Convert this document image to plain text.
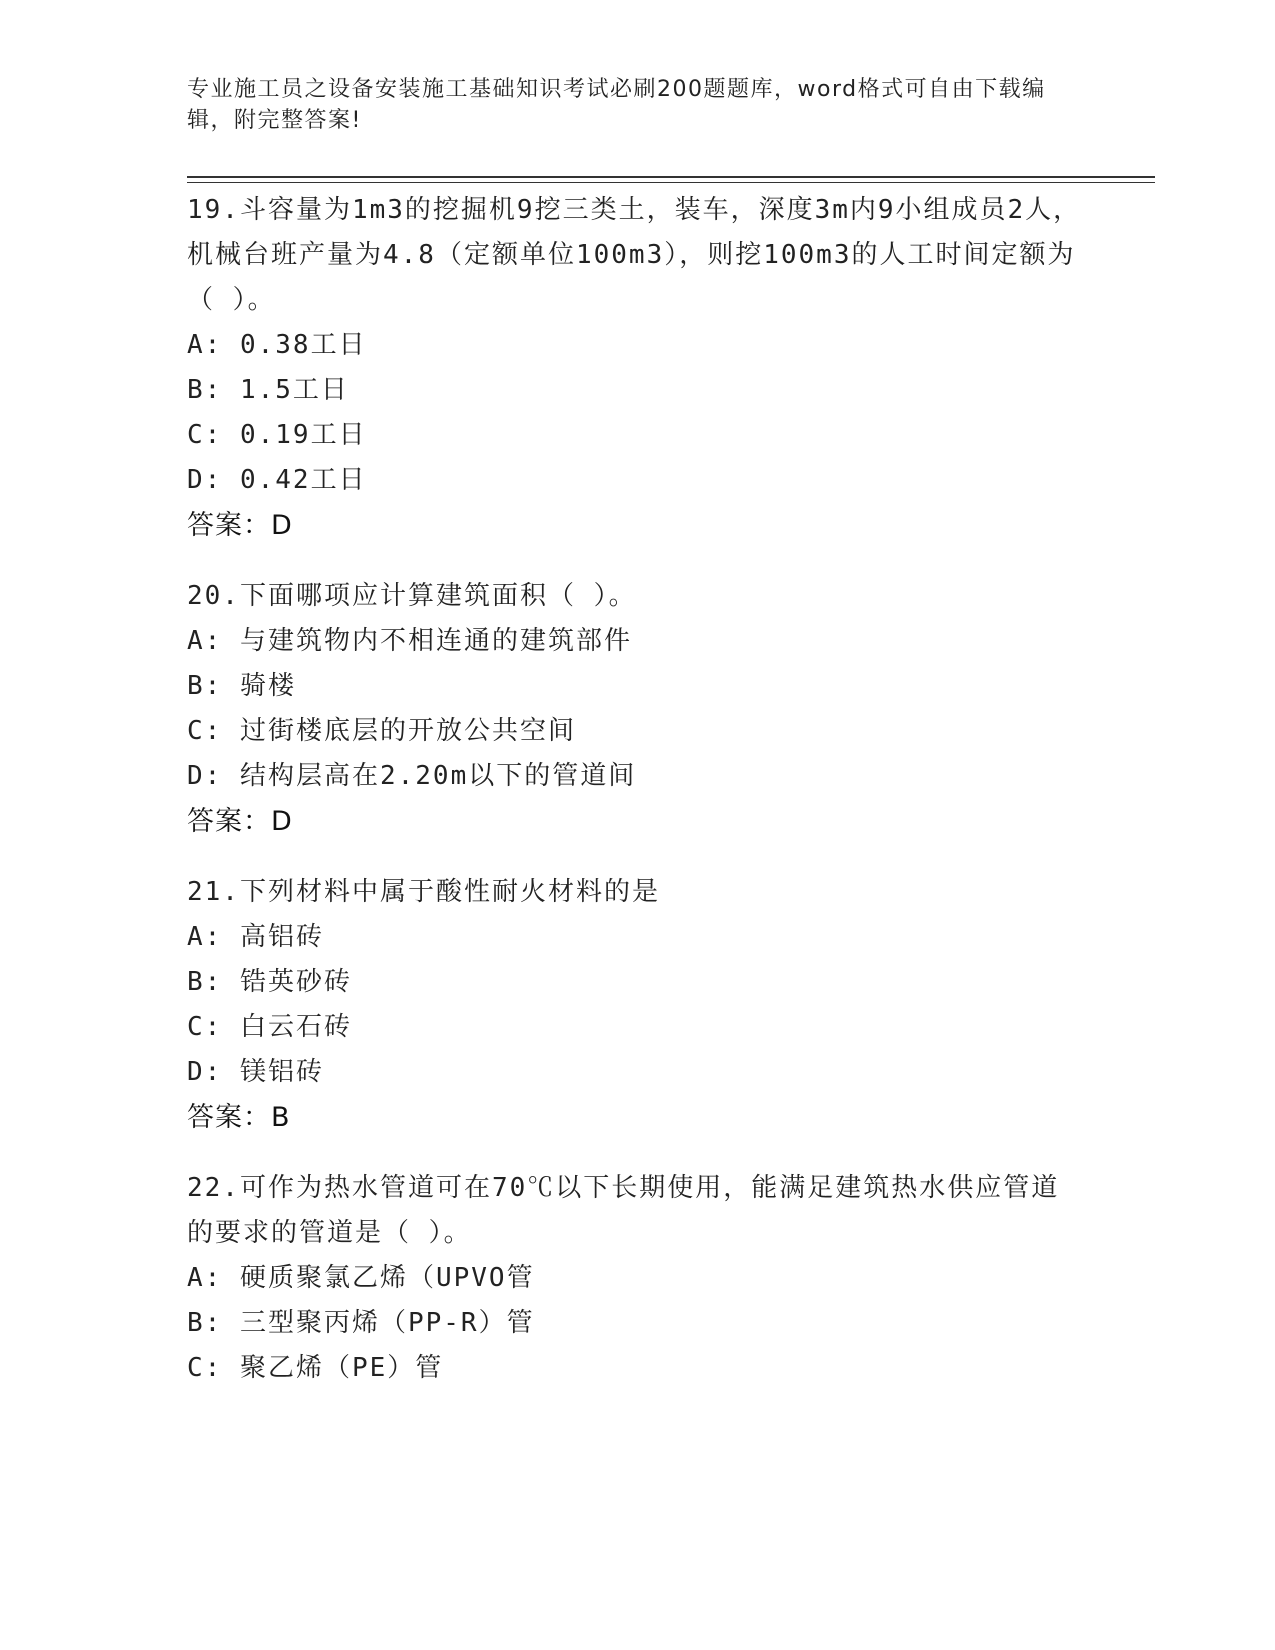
专业施工员之设备安装施工基础知识考试必刷200题题库，word格式可自由下载编辑，附完整答案!
19.斗容量为1m3的挖掘机9挖三类土，装车，深度3m内9小组成员2人，机械台班产量为4.8（定额单位100m3），则挖100m3的人工时间定额为（ ）。
A: 0.38工日
B: 1.5工日
C: 0.19工日
D: 0.42工日
答案：D
20.下面哪项应计算建筑面积（ ）。
A: 与建筑物内不相连通的建筑部件
B: 骑楼
C: 过街楼底层的开放公共空间
D: 结构层高在2.20m以下的管道间
答案：D
21.下列材料中属于酸性耐火材料的是
A: 高铝砖
B: 锆英砂砖
C: 白云石砖
D: 镁铝砖
答案：B
22.可作为热水管道可在70℃以下长期使用，能满足建筑热水供应管道的要求的管道是（ ）。
A: 硬质聚氯乙烯（UPVO管
B: 三型聚丙烯（PP-R）管
C: 聚乙烯（PE）管
